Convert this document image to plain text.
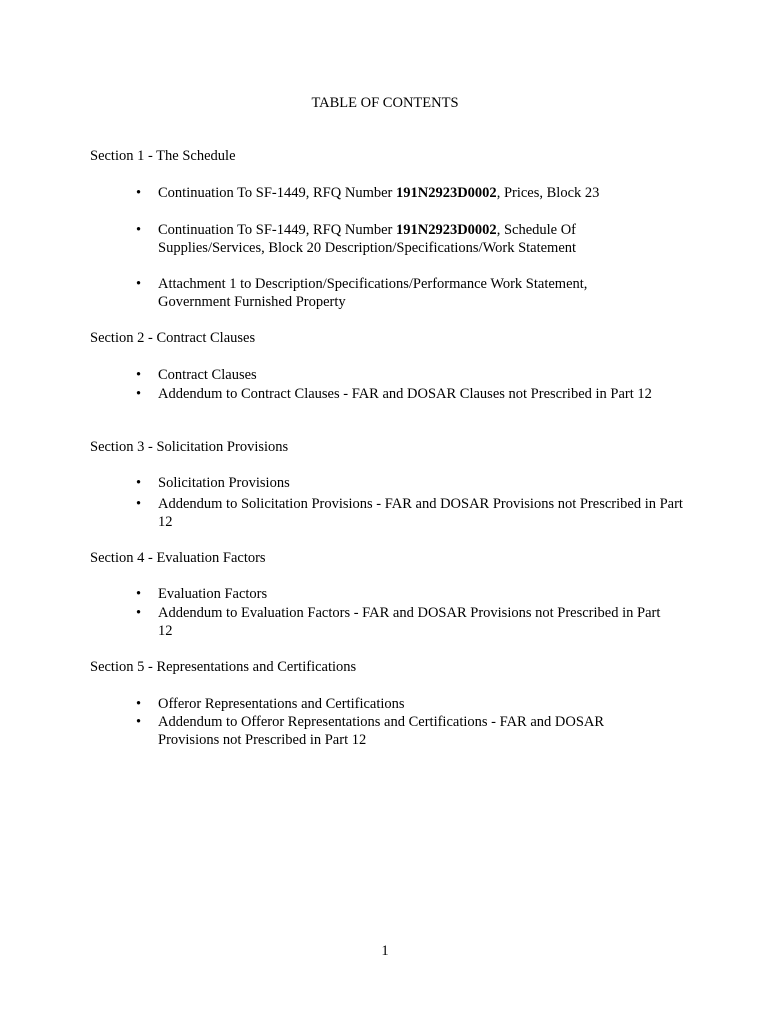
TABLE OF CONTENTS
Section 1 - The Schedule
• Continuation To SF-1449, RFQ Number 191N2923D0002, Prices, Block 23
• Continuation To SF-1449, RFQ Number 191N2923D0002, Schedule Of Supplies/Services, Block 20 Description/Specifications/Work Statement
• Attachment 1 to Description/Specifications/Performance Work Statement, Government Furnished Property
Section 2 - Contract Clauses
• Contract Clauses
• Addendum to Contract Clauses - FAR and DOSAR Clauses not Prescribed in Part 12
Section 3 - Solicitation Provisions
• Solicitation Provisions
• Addendum to Solicitation Provisions - FAR and DOSAR Provisions not Prescribed in Part 12
Section 4 - Evaluation Factors
• Evaluation Factors
• Addendum to Evaluation Factors - FAR and DOSAR Provisions not Prescribed in Part 12
Section 5 - Representations and Certifications
• Offeror Representations and Certifications
• Addendum to Offeror Representations and Certifications - FAR and DOSAR Provisions not Prescribed in Part 12
1
